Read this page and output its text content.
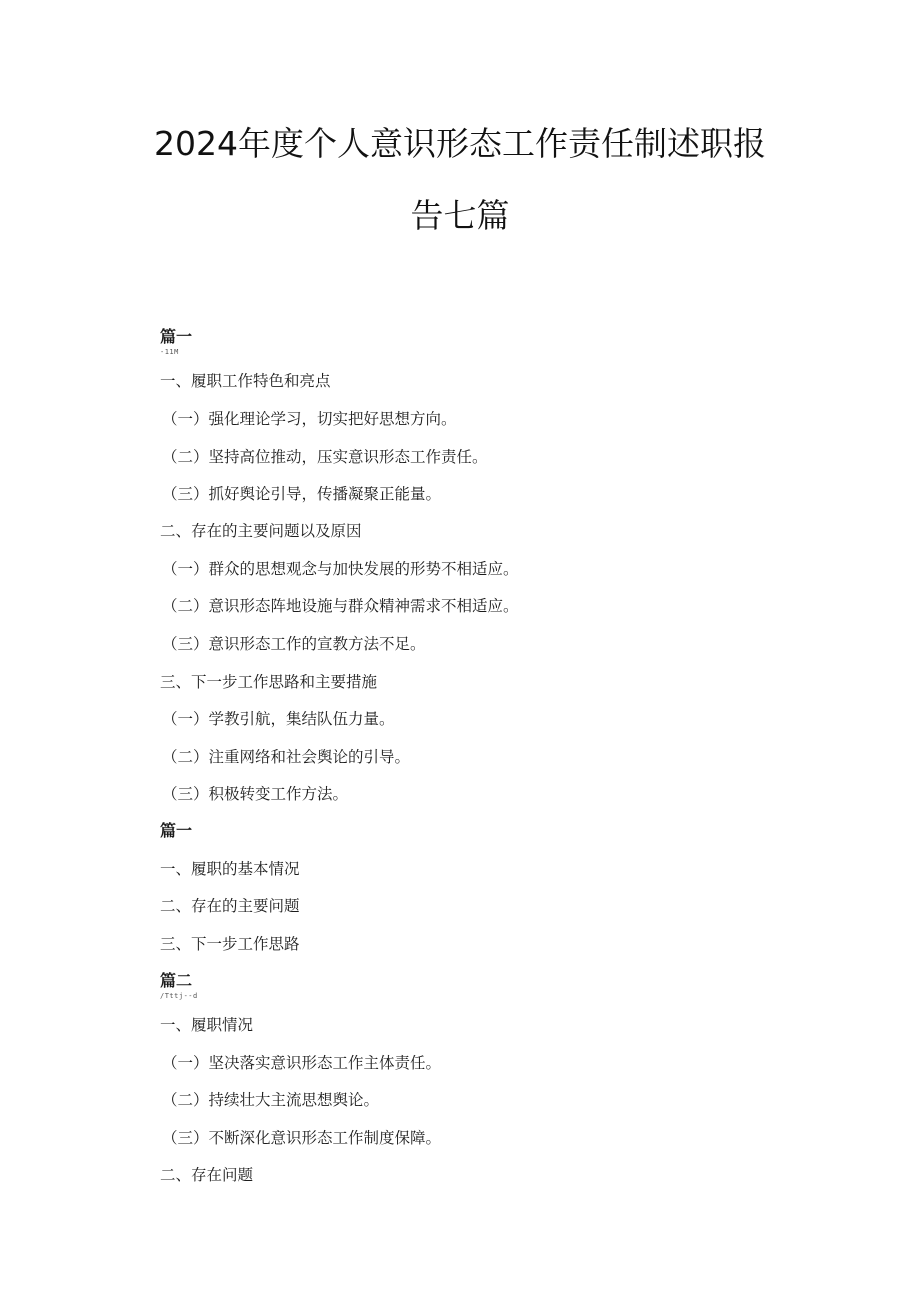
2024年度个人意识形态工作责任制述职报
告七篇
篇一
-11M
一、履职工作特色和亮点
（一）强化理论学习，切实把好思想方向。
（二）坚持高位推动，压实意识形态工作责任。
（三）抓好舆论引导，传播凝聚正能量。
二、存在的主要问题以及原因
（一）群众的思想观念与加快发展的形势不相适应。
（二）意识形态阵地设施与群众精神需求不相适应。
（三）意识形态工作的宣教方法不足。
三、下一步工作思路和主要措施
（一）学教引航，集结队伍力量。
（二）注重网络和社会舆论的引导。
（三）积极转变工作方法。
篇一
一、履职的基本情况
二、存在的主要问题
三、下一步工作思路
篇二
/Tttj--d
一、履职情况
（一）坚决落实意识形态工作主体责任。
（二）持续壮大主流思想舆论。
（三）不断深化意识形态工作制度保障。
二、存在问题
